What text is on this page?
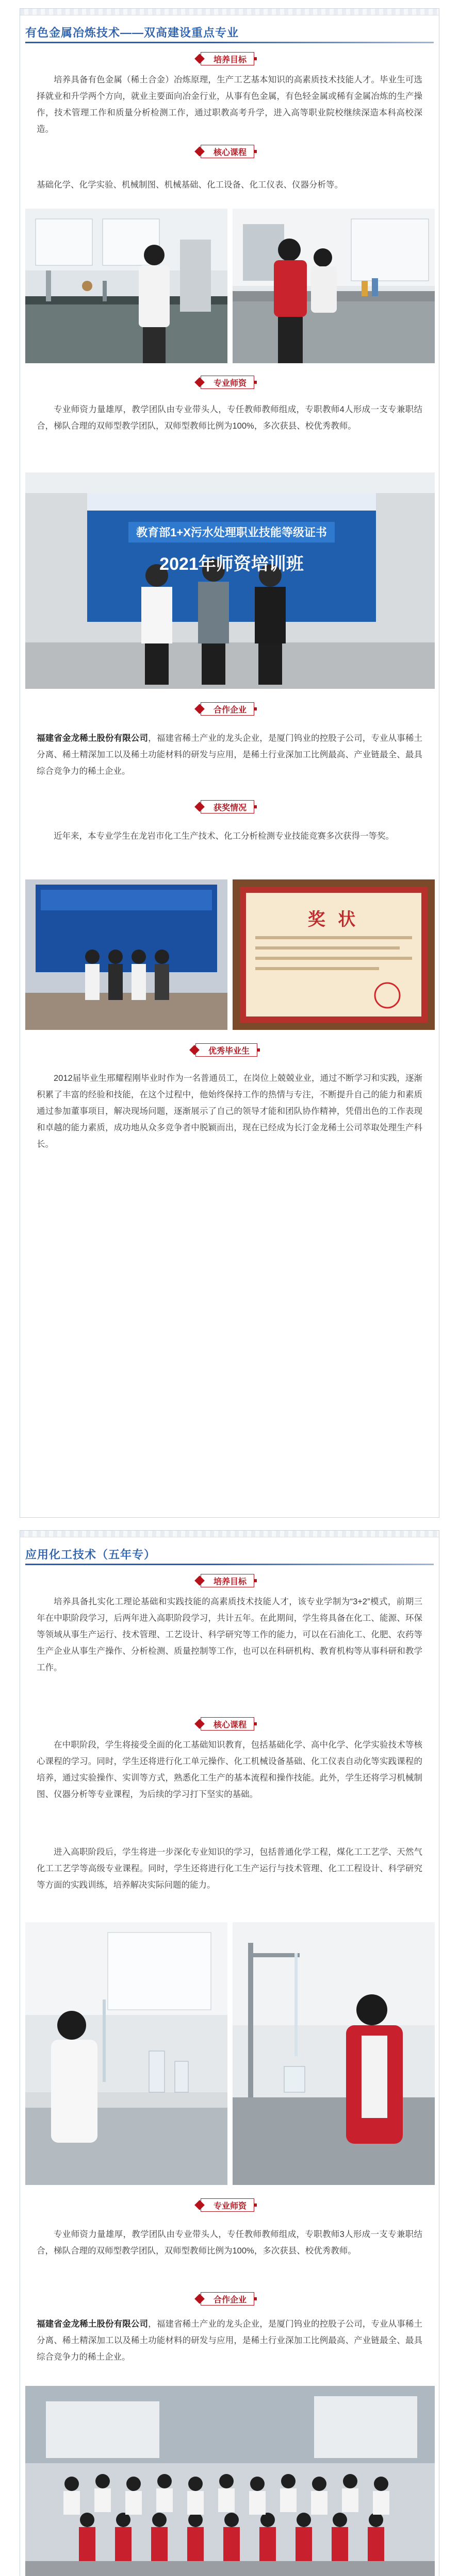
有色金属冶炼技术——双高建设重点专业
培养目标
培养具备有色金属（稀土合金）冶炼原理，生产工艺基本知识的高素质技术技能人才。毕业生可选择就业和升学两个方向，就业主要面向冶金行业，从事有色金属，有色轻金属或稀有金属冶炼的生产操作，技术管理工作和质量分析检测工作，通过职教高考升学，进入高等职业院校继续深造本科高校深造。
核心课程
基础化学、化学实验、机械制图、机械基础、化工设备、化工仪表、仪器分析等。
专业师资
专业师资力量雄厚，教学团队由专业带头人，专任教师教师组成，专职教师4人形成一支专兼职结合，梯队合理的双师型教学团队，双师型教师比例为100%，多次获县、校优秀教师。
教育部1+X污水处理职业技能等级证书
2021年师资培训班
合作企业
福建省金龙稀土股份有限公司，福建省稀土产业的龙头企业，是厦门钨业的控股子公司，专业从事稀土分离、稀土精深加工以及稀土功能材料的研发与应用，是稀土行业深加工比例最高、产业链最全、最具综合竞争力的稀土企业。
获奖情况
近年来，本专业学生在龙岩市化工生产技术、化工分析检测专业技能竞赛多次获得一等奖。
奖 状
优秀毕业生
2012届毕业生邢耀程刚毕业时作为一名普通员工，在岗位上兢兢业业，通过不断学习和实践，逐渐积累了丰富的经验和技能，在这个过程中，他始终保持工作的热情与专注，不断提升自己的能力和素质通过参加董事项目，解决现场问题，逐渐展示了自己的领导才能和团队协作精神，凭借出色的工作表现和卓越的能力素质，成功地从众多竞争者中脱颖而出，现在已经成为长汀金龙稀土公司萃取处理生产科长。
应用化工技术（五年专）
培养目标
培养具备扎实化工理论基础和实践技能的高素质技术技能人才，该专业学制为“3+2”模式，前期三年在中职阶段学习，后两年进入高职阶段学习，共计五年。在此期间，学生将具备在化工、能源、环保等领域从事生产运行、技术管理、工艺设计、科学研究等工作的能力，可以在石油化工、化肥、农药等生产企业从事生产操作、分析检测、质量控制等工作，也可以在科研机构、教育机构等从事科研和教学工作。
核心课程
在中职阶段，学生将接受全面的化工基础知识教育，包括基础化学、高中化学、化学实验技术等核心课程的学习。同时，学生还将进行化工单元操作、化工机械设备基础、化工仪表自动化等实践课程的培养，通过实验操作、实训等方式，熟悉化工生产的基本流程和操作技能。此外，学生还将学习机械制图、仪器分析等专业课程，为后续的学习打下坚实的基础。
进入高职阶段后，学生将进一步深化专业知识的学习，包括普通化学工程，煤化工工艺学、天然气化工工艺学等高级专业课程。同时，学生还将进行化工生产运行与技术管理、化工工程设计、科学研究等方面的实践训练，培养解决实际问题的能力。
专业师资
专业师资力量雄厚，教学团队由专业带头人，专任教师教师组成，专职教师3人形成一支专兼职结合，梯队合理的双师型教学团队，双师型教师比例为100%，多次获县、校优秀教师。
合作企业
福建省金龙稀土股份有限公司，福建省稀土产业的龙头企业，是厦门钨业的控股子公司，专业从事稀土分离、稀土精深加工以及稀土功能材料的研发与应用，是稀土行业深加工比例最高、产业链最全、最具综合竞争力的稀土企业。
